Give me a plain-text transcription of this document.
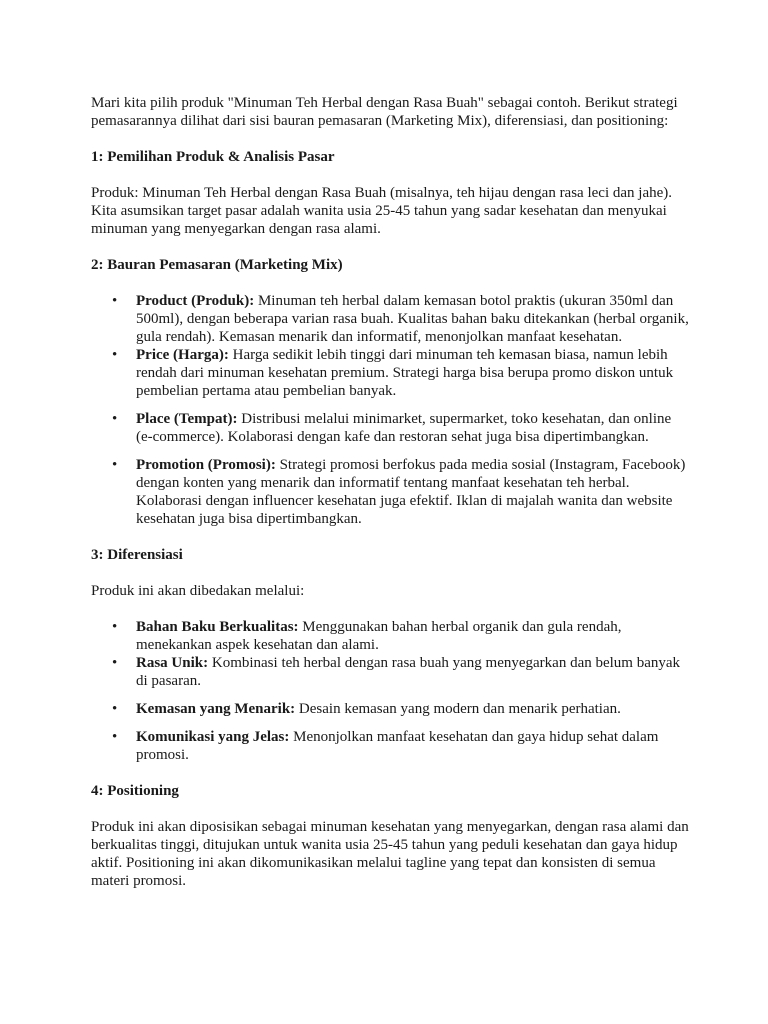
Mari kita pilih produk "Minuman Teh Herbal dengan Rasa Buah" sebagai contoh. Berikut strategi pemasarannya dilihat dari sisi bauran pemasaran (Marketing Mix), diferensiasi, dan positioning:

1: Pemilihan Produk & Analisis Pasar

Produk: Minuman Teh Herbal dengan Rasa Buah (misalnya, teh hijau dengan rasa leci dan jahe). Kita asumsikan target pasar adalah wanita usia 25-45 tahun yang sadar kesehatan dan menyukai minuman yang menyegarkan dengan rasa alami.

2: Bauran Pemasaran (Marketing Mix)
• Product (Produk): Minuman teh herbal dalam kemasan botol praktis (ukuran 350ml dan 500ml), dengan beberapa varian rasa buah. Kualitas bahan baku ditekankan (herbal organik, gula rendah). Kemasan menarik dan informatif, menonjolkan manfaat kesehatan.
• Price (Harga): Harga sedikit lebih tinggi dari minuman teh kemasan biasa, namun lebih rendah dari minuman kesehatan premium. Strategi harga bisa berupa promo diskon untuk pembelian pertama atau pembelian banyak.
• Place (Tempat): Distribusi melalui minimarket, supermarket, toko kesehatan, dan online (e-commerce). Kolaborasi dengan kafe dan restoran sehat juga bisa dipertimbangkan.
• Promotion (Promosi): Strategi promosi berfokus pada media sosial (Instagram, Facebook) dengan konten yang menarik dan informatif tentang manfaat kesehatan teh herbal. Kolaborasi dengan influencer kesehatan juga efektif. Iklan di majalah wanita dan website kesehatan juga bisa dipertimbangkan.
3: Diferensiasi

Produk ini akan dibedakan melalui:

• Bahan Baku Berkualitas: Menggunakan bahan herbal organik dan gula rendah, menekankan aspek kesehatan dan alami.
• Rasa Unik: Kombinasi teh herbal dengan rasa buah yang menyegarkan dan belum banyak di pasaran.
• Kemasan yang Menarik: Desain kemasan yang modern dan menarik perhatian.
• Komunikasi yang Jelas: Menonjolkan manfaat kesehatan dan gaya hidup sehat dalam promosi.
4: Positioning

Produk ini akan diposisikan sebagai minuman kesehatan yang menyegarkan, dengan rasa alami dan berkualitas tinggi, ditujukan untuk wanita usia 25-45 tahun yang peduli kesehatan dan gaya hidup aktif. Positioning ini akan dikomunikasikan melalui tagline yang tepat dan konsisten di semua materi promosi.
